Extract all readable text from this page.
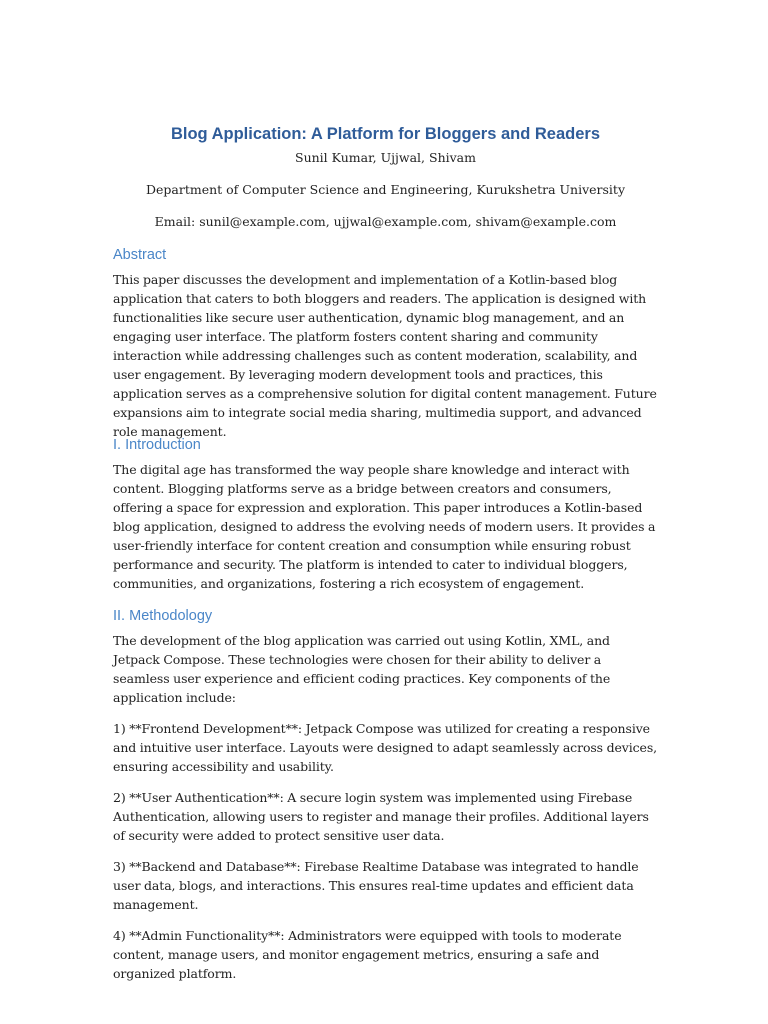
Blog Application: A Platform for Bloggers and Readers

Sunil Kumar, Ujjwal, Shivam

Department of Computer Science and Engineering, Kurukshetra University

Email: sunil@example.com, ujjwal@example.com, shivam@example.com

Abstract

This paper discusses the development and implementation of a Kotlin-based blog application that caters to both bloggers and readers. The application is designed with functionalities like secure user authentication, dynamic blog management, and an engaging user interface. The platform fosters content sharing and community interaction while addressing challenges such as content moderation, scalability, and user engagement. By leveraging modern development tools and practices, this application serves as a comprehensive solution for digital content management. Future expansions aim to integrate social media sharing, multimedia support, and advanced role management.

I. Introduction

The digital age has transformed the way people share knowledge and interact with content. Blogging platforms serve as a bridge between creators and consumers, offering a space for expression and exploration. This paper introduces a Kotlin-based blog application, designed to address the evolving needs of modern users. It provides a user-friendly interface for content creation and consumption while ensuring robust performance and security. The platform is intended to cater to individual bloggers, communities, and organizations, fostering a rich ecosystem of engagement.

II. Methodology

The development of the blog application was carried out using Kotlin, XML, and Jetpack Compose. These technologies were chosen for their ability to deliver a seamless user experience and efficient coding practices. Key components of the application include:

1) **Frontend Development**: Jetpack Compose was utilized for creating a responsive and intuitive user interface. Layouts were designed to adapt seamlessly across devices, ensuring accessibility and usability.

2) **User Authentication**: A secure login system was implemented using Firebase Authentication, allowing users to register and manage their profiles. Additional layers of security were added to protect sensitive user data.

3) **Backend and Database**: Firebase Realtime Database was integrated to handle user data, blogs, and interactions. This ensures real-time updates and efficient data management.

4) **Admin Functionality**: Administrators were equipped with tools to moderate content, manage users, and monitor engagement metrics, ensuring a safe and organized platform.
